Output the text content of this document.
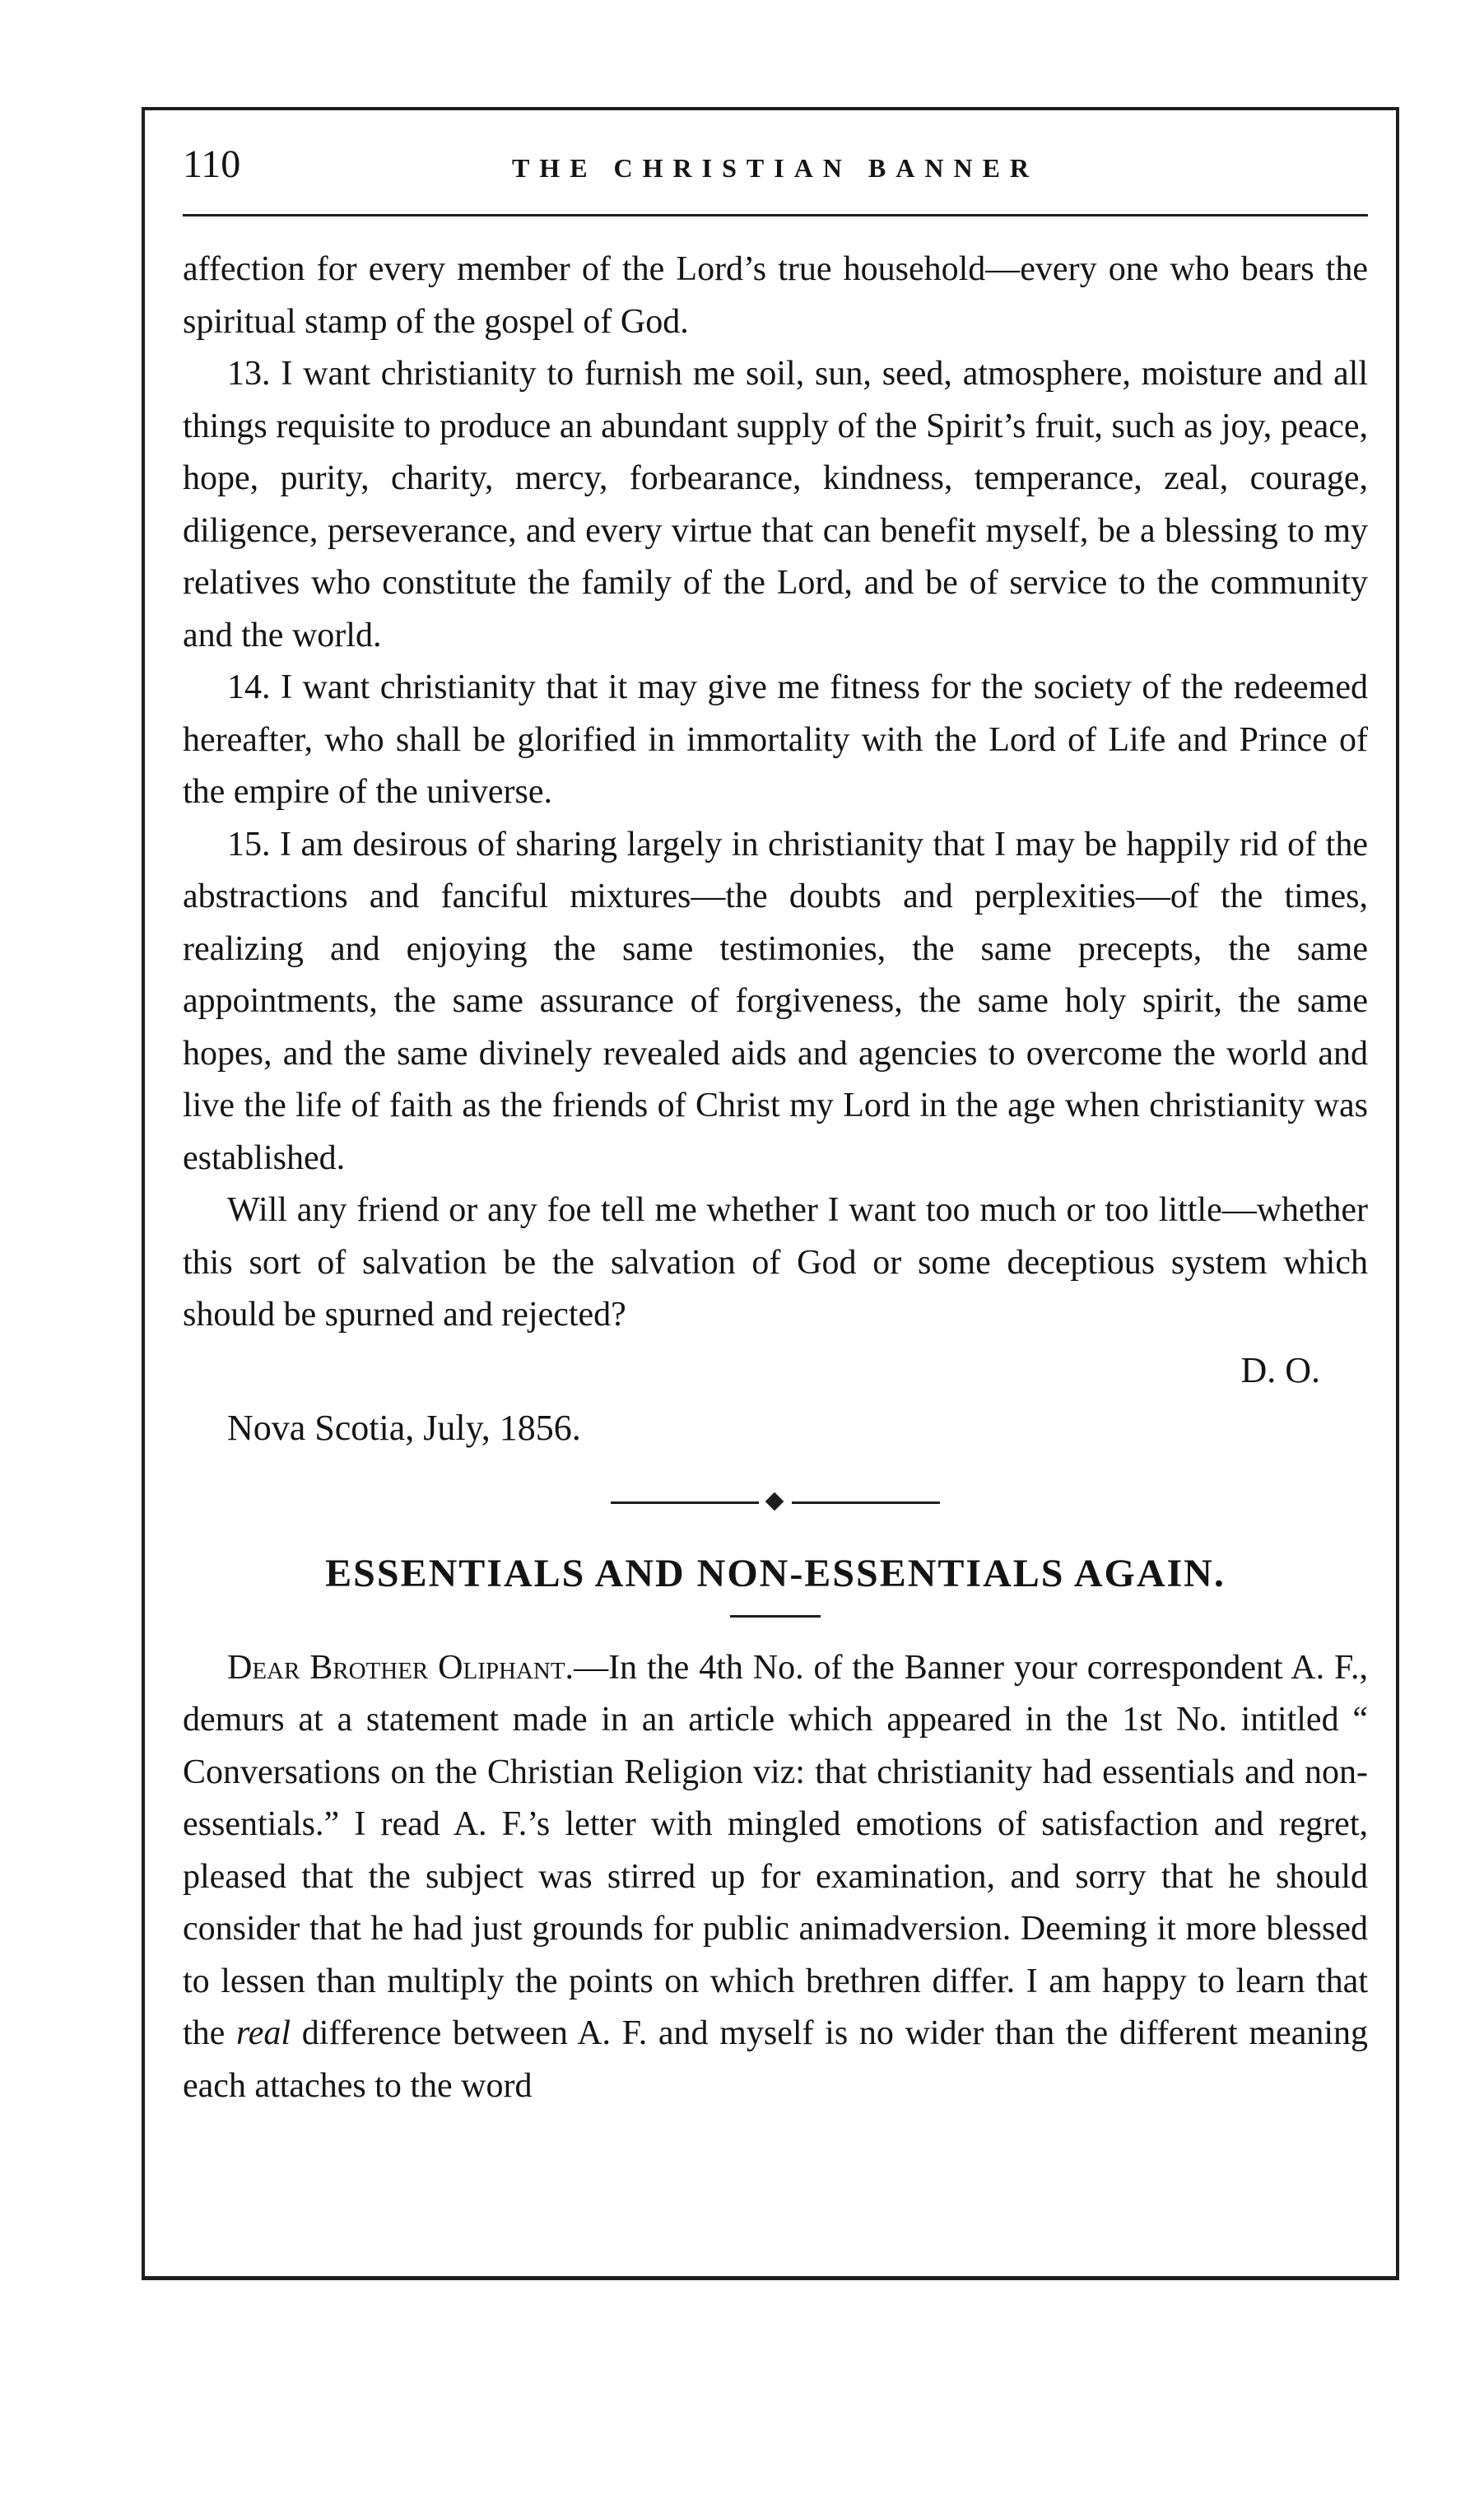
110	THE CHRISTIAN BANNER

affection for every member of the Lord’s true household—every one who bears the spiritual stamp of the gospel of God.

13. I want christianity to furnish me soil, sun, seed, atmosphere, moisture and all things requisite to produce an abundant supply of the Spirit’s fruit, such as joy, peace, hope, purity, charity, mercy, forbearance, kindness, temperance, zeal, courage, diligence, perseverance, and every virtue that can benefit myself, be a blessing to my relatives who constitute the family of the Lord, and be of service to the community and the world.

14. I want christianity that it may give me fitness for the society of the redeemed hereafter, who shall be glorified in immortality with the Lord of Life and Prince of the empire of the universe.

15. I am desirous of sharing largely in christianity that I may be happily rid of the abstractions and fanciful mixtures—the doubts and perplexities—of the times, realizing and enjoying the same testimonies, the same precepts, the same appointments, the same assurance of forgiveness, the same holy spirit, the same hopes, and the same divinely revealed aids and agencies to overcome the world and live the life of faith as the friends of Christ my Lord in the age when christianity was established.

Will any friend or any foe tell me whether I want too much or too little—whether this sort of salvation be the salvation of God or some deceptious system which should be spurned and rejected?

D. O.

Nova Scotia, July, 1856.

ESSENTIALS AND NON-ESSENTIALS AGAIN.

Dear Brother Oliphant.—In the 4th No. of the Banner your correspondent A. F., demurs at a statement made in an article which appeared in the 1st No. intitled “ Conversations on the Christian Religion viz: that christianity had essentials and non-essentials.” I read A. F.’s letter with mingled emotions of satisfaction and regret, pleased that the subject was stirred up for examination, and sorry that he should consider that he had just grounds for public animadversion. Deeming it more blessed to lessen than multiply the points on which brethren differ. I am happy to learn that the real difference between A. F. and myself is no wider than the different meaning each attaches to the word
